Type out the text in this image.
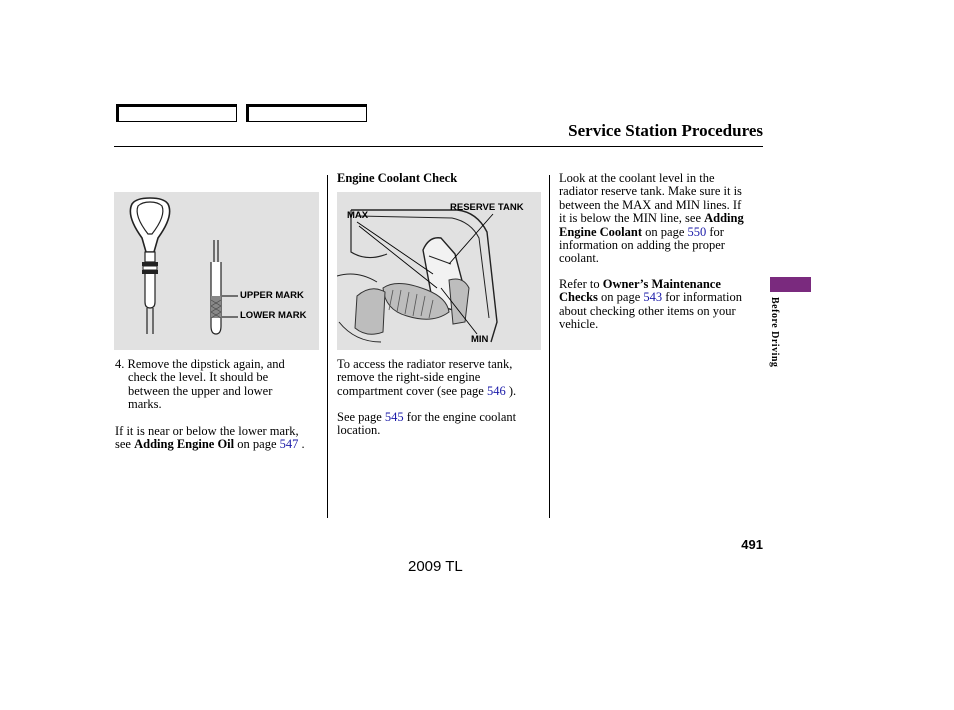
Service Station Procedures
UPPER MARK
LOWER MARK
4. Remove the dipstick again, and
check the level. It should be
between the upper and lower
marks.
If it is near or below the lower mark,
see Adding Engine Oil on page 547 .
Engine Coolant Check
MAX
RESERVE TANK
MIN
To access the radiator reserve tank,
remove the right-side engine
compartment cover (see page 546 ).
See page 545 for the engine coolant
location.
Look at the coolant level in the
radiator reserve tank. Make sure it is
between the MAX and MIN lines. If
it is below the MIN line, see Adding
Engine Coolant on page 550 for
information on adding the proper
coolant.
Refer to Owner’s Maintenance
Checks on page 543 for information
about checking other items on your
vehicle.	Before Driving
491
2009 TL
